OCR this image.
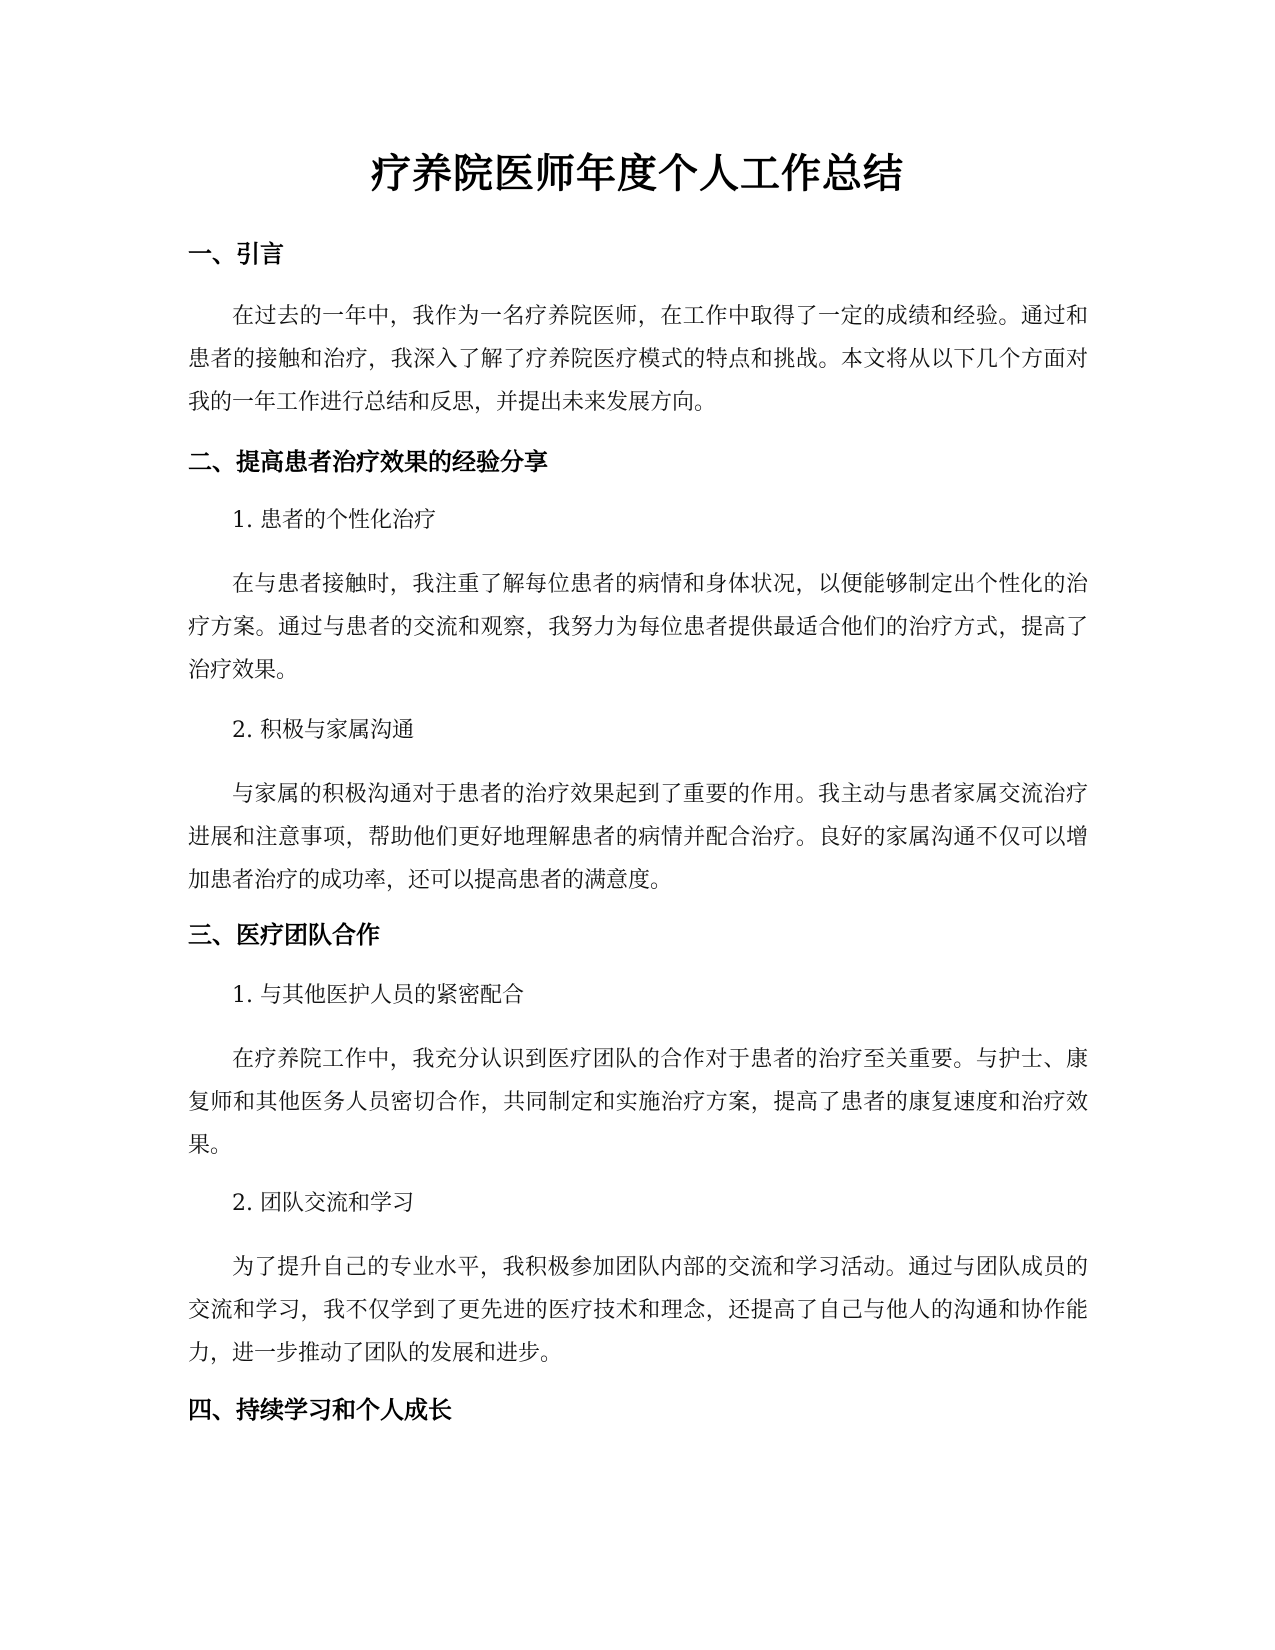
疗养院医师年度个人工作总结
一、引言

在过去的一年中，我作为一名疗养院医师，在工作中取得了一定的成绩和经验。通过和患者的接触和治疗，我深入了解了疗养院医疗模式的特点和挑战。本文将从以下几个方面对我的一年工作进行总结和反思，并提出未来发展方向。

二、提高患者治疗效果的经验分享
1. 患者的个性化治疗

在与患者接触时，我注重了解每位患者的病情和身体状况，以便能够制定出个性化的治疗方案。通过与患者的交流和观察，我努力为每位患者提供最适合他们的治疗方式，提高了治疗效果。

2. 积极与家属沟通

与家属的积极沟通对于患者的治疗效果起到了重要的作用。我主动与患者家属交流治疗进展和注意事项，帮助他们更好地理解患者的病情并配合治疗。良好的家属沟通不仅可以增加患者治疗的成功率，还可以提高患者的满意度。

三、医疗团队合作
1. 与其他医护人员的紧密配合

在疗养院工作中，我充分认识到医疗团队的合作对于患者的治疗至关重要。与护士、康复师和其他医务人员密切合作，共同制定和实施治疗方案，提高了患者的康复速度和治疗效果。

2. 团队交流和学习

为了提升自己的专业水平，我积极参加团队内部的交流和学习活动。通过与团队成员的交流和学习，我不仅学到了更先进的医疗技术和理念，还提高了自己与他人的沟通和协作能力，进一步推动了团队的发展和进步。

四、持续学习和个人成长
